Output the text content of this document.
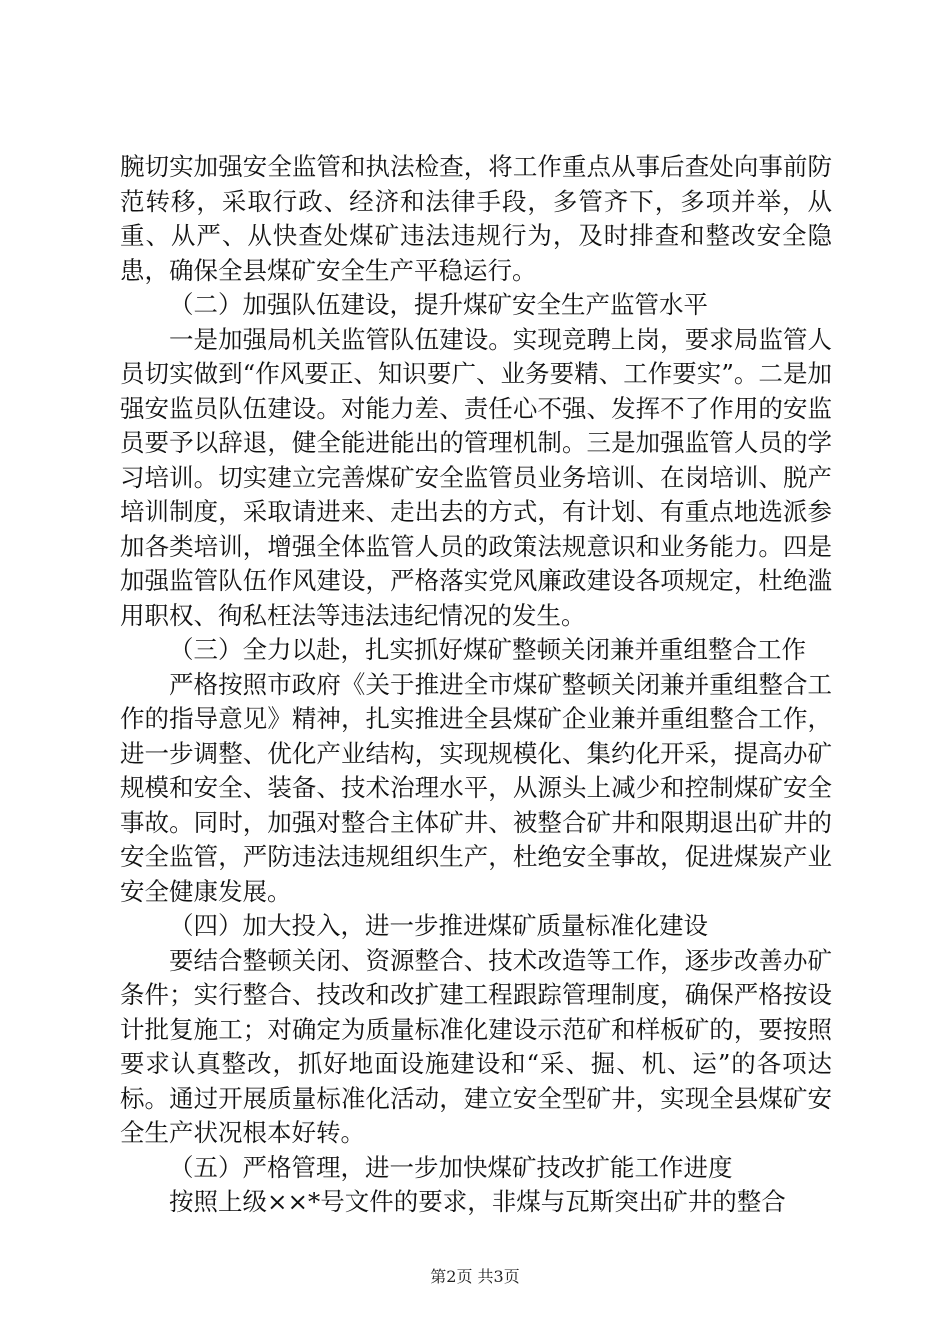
腕切实加强安全监管和执法检查，将工作重点从事后查处向事前防范转移，采取行政、经济和法律手段，多管齐下，多项并举，从重、从严、从快查处煤矿违法违规行为，及时排查和整改安全隐患，确保全县煤矿安全生产平稳运行。

（二）加强队伍建设，提升煤矿安全生产监管水平

一是加强局机关监管队伍建设。实现竞聘上岗，要求局监管人员切实做到“作风要正、知识要广、业务要精、工作要实”。二是加强安监员队伍建设。对能力差、责任心不强、发挥不了作用的安监员要予以辞退，健全能进能出的管理机制。三是加强监管人员的学习培训。切实建立完善煤矿安全监管员业务培训、在岗培训、脱产培训制度，采取请进来、走出去的方式，有计划、有重点地选派参加各类培训，增强全体监管人员的政策法规意识和业务能力。四是加强监管队伍作风建设，严格落实党风廉政建设各项规定，杜绝滥用职权、徇私枉法等违法违纪情况的发生。

（三）全力以赴，扎实抓好煤矿整顿关闭兼并重组整合工作

严格按照市政府《关于推进全市煤矿整顿关闭兼并重组整合工作的指导意见》精神，扎实推进全县煤矿企业兼并重组整合工作，进一步调整、优化产业结构，实现规模化、集约化开采，提高办矿规模和安全、装备、技术治理水平，从源头上减少和控制煤矿安全事故。同时，加强对整合主体矿井、被整合矿井和限期退出矿井的安全监管，严防违法违规组织生产，杜绝安全事故，促进煤炭产业安全健康发展。

（四）加大投入，进一步推进煤矿质量标准化建设

要结合整顿关闭、资源整合、技术改造等工作，逐步改善办矿条件；实行整合、技改和改扩建工程跟踪管理制度，确保严格按设计批复施工；对确定为质量标准化建设示范矿和样板矿的，要按照要求认真整改，抓好地面设施建设和“采、掘、机、运”的各项达标。通过开展质量标准化活动，建立安全型矿井，实现全县煤矿安全生产状况根本好转。

（五）严格管理，进一步加快煤矿技改扩能工作进度

按照上级××*号文件的要求，非煤与瓦斯突出矿井的整合

第2页 共3页
